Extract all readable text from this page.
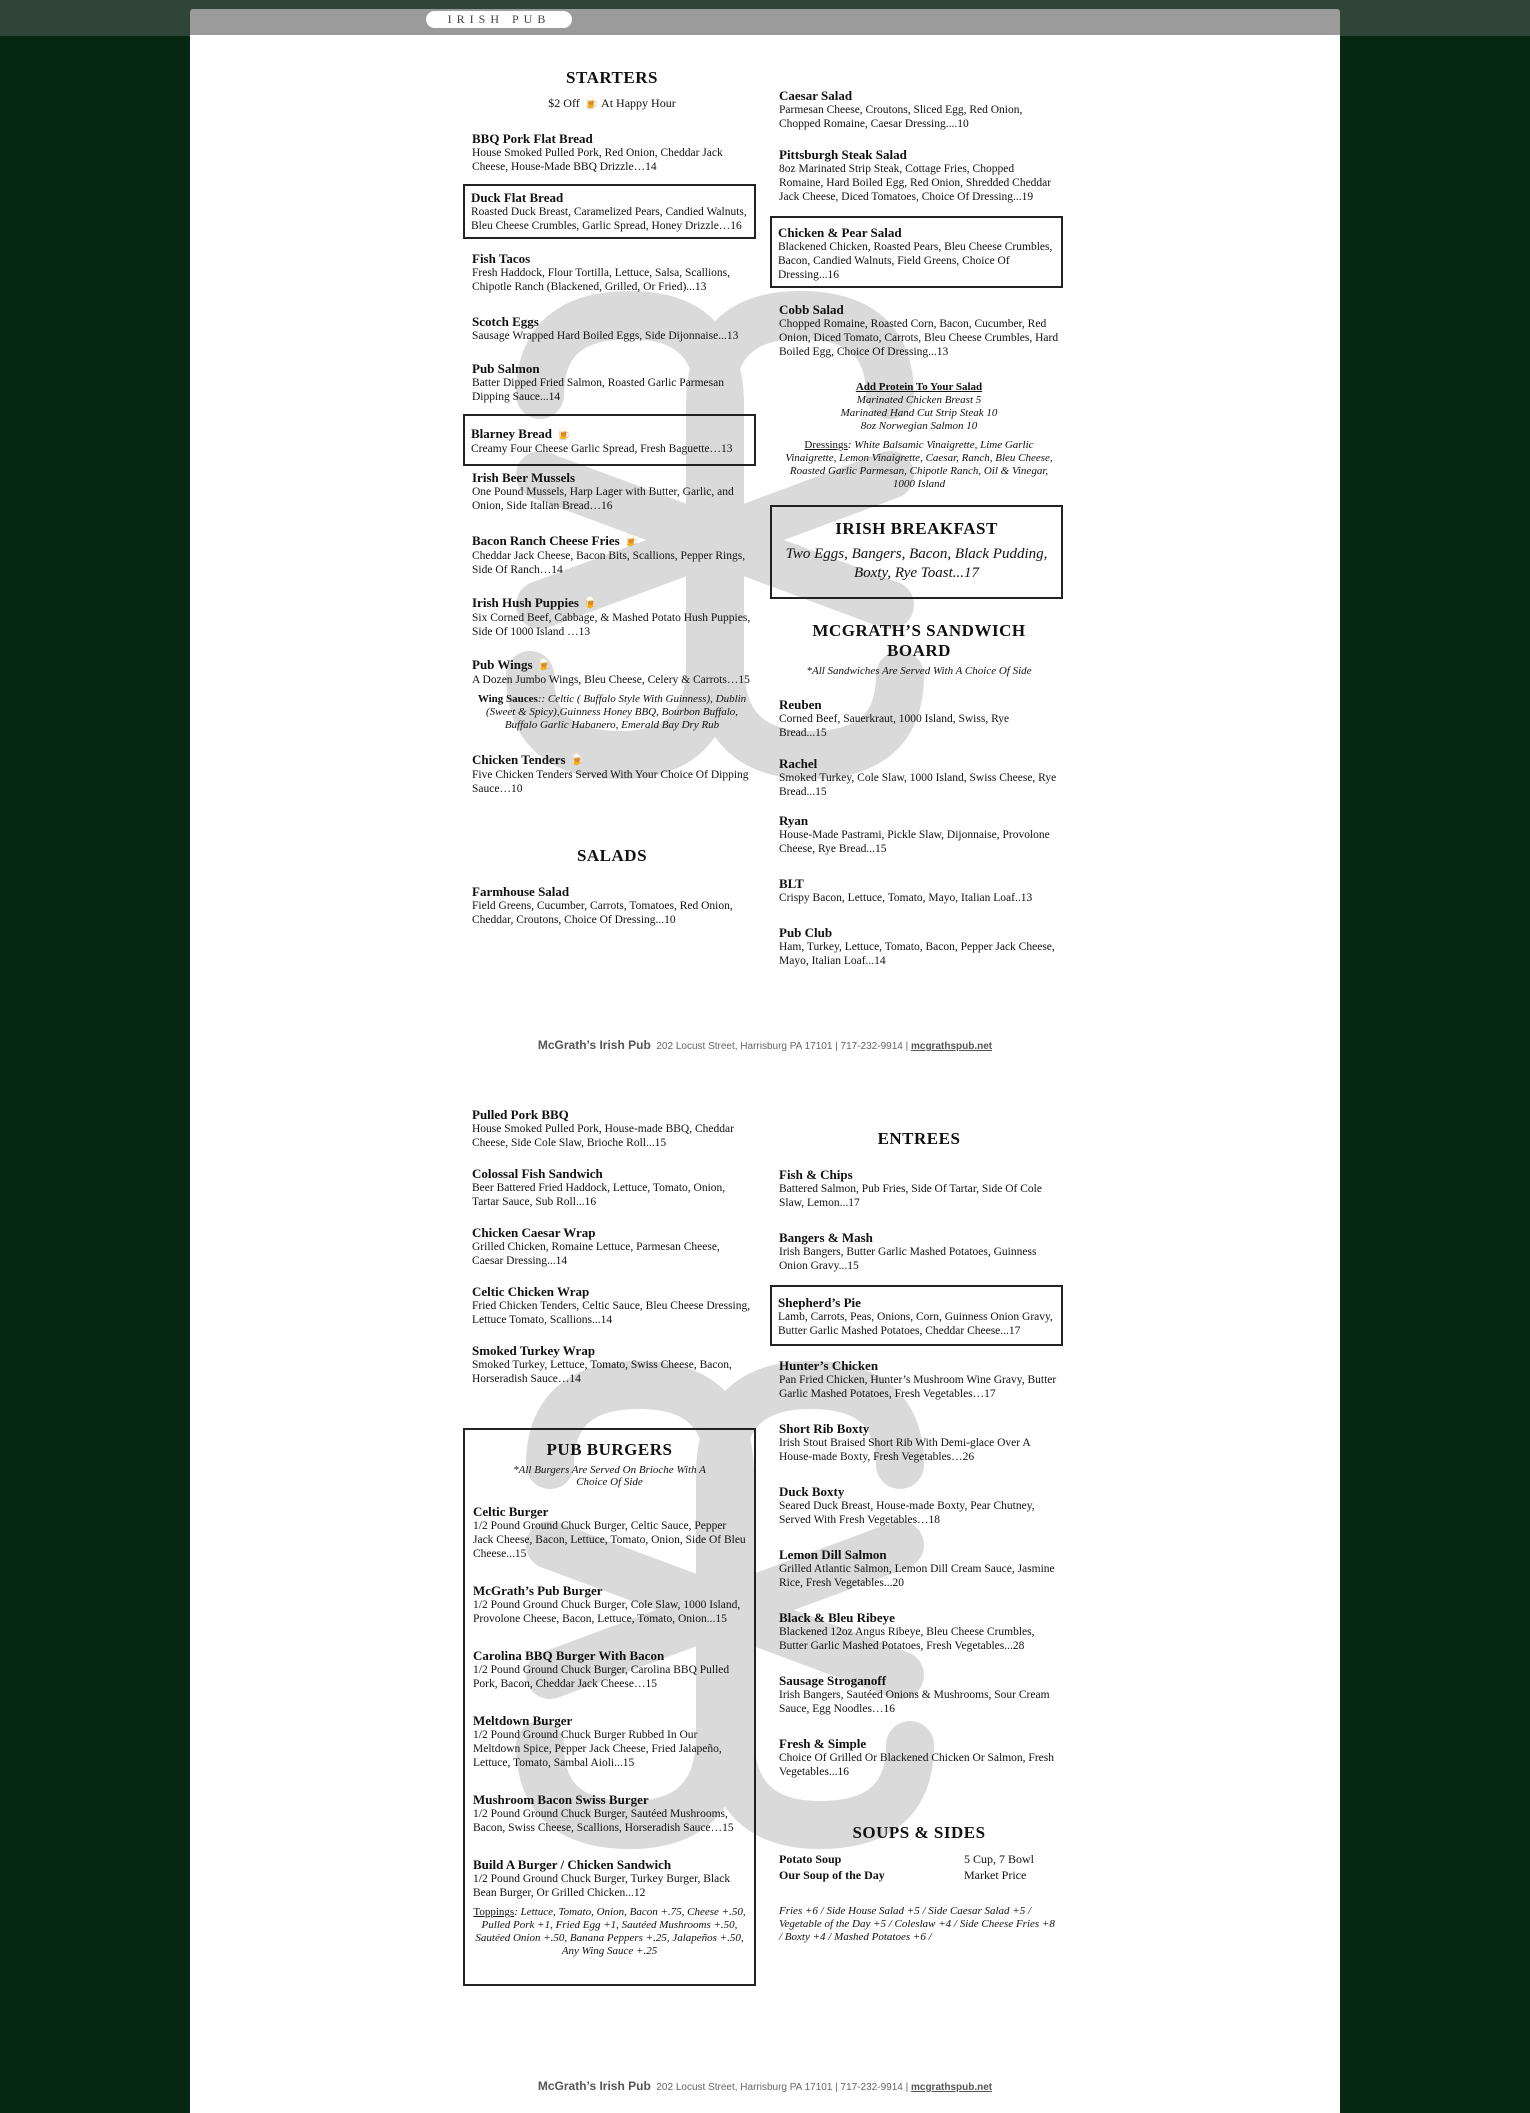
IRISH PUB
STARTERS
$2 Off 🍺 At Happy Hour
BBQ Pork Flat Bread
House Smoked Pulled Pork, Red Onion, Cheddar Jack Cheese, House-Made BBQ Drizzle…14
Duck Flat Bread
Roasted Duck Breast, Caramelized Pears, Candied Walnuts, Bleu Cheese Crumbles, Garlic Spread, Honey Drizzle…16
Fish Tacos
Fresh Haddock, Flour Tortilla, Lettuce, Salsa, Scallions, Chipotle Ranch (Blackened, Grilled, Or Fried)...13
Scotch Eggs
Sausage Wrapped Hard Boiled Eggs, Side Dijonnaise...13
Pub Salmon
Batter Dipped Fried Salmon, Roasted Garlic Parmesan Dipping Sauce...14
Blarney Bread 🍺
Creamy Four Cheese Garlic Spread, Fresh Baguette…13
Irish Beer Mussels
One Pound Mussels, Harp Lager with Butter, Garlic, and Onion, Side Italian Bread…16
Bacon Ranch Cheese Fries 🍺
Cheddar Jack Cheese, Bacon Bits, Scallions, Pepper Rings, Side Of Ranch…14
Irish Hush Puppies 🍺
Six Corned Beef, Cabbage, & Mashed Potato Hush Puppies, Side Of 1000 Island …13
Pub Wings 🍺
A Dozen Jumbo Wings, Bleu Cheese, Celery & Carrots…15
Wing Sauces:: Celtic ( Buffalo Style With Guinness), Dublin (Sweet & Spicy),Guinness Honey BBQ, Bourbon Buffalo, Buffalo Garlic Habanero, Emerald Bay Dry Rub
Chicken Tenders 🍺
Five Chicken Tenders Served With Your Choice Of Dipping Sauce…10
SALADS
Farmhouse Salad
Field Greens, Cucumber, Carrots, Tomatoes, Red Onion, Cheddar, Croutons, Choice Of Dressing...10
Caesar Salad
Parmesan Cheese, Croutons, Sliced Egg, Red Onion, Chopped Romaine, Caesar Dressing....10
Pittsburgh Steak Salad
8oz Marinated Strip Steak, Cottage Fries, Chopped Romaine, Hard Boiled Egg, Red Onion, Shredded Cheddar Jack Cheese, Diced Tomatoes, Choice Of Dressing...19
Chicken & Pear Salad
Blackened Chicken, Roasted Pears, Bleu Cheese Crumbles, Bacon, Candied Walnuts, Field Greens, Choice Of Dressing...16
Cobb Salad
Chopped Romaine, Roasted Corn, Bacon, Cucumber, Red Onion, Diced Tomato, Carrots, Bleu Cheese Crumbles, Hard Boiled Egg, Choice Of Dressing...13
Add Protein To Your Salad
Marinated Chicken Breast 5
Marinated Hand Cut Strip Steak 10
8oz Norwegian Salmon 10
Dressings: White Balsamic Vinaigrette, Lime Garlic Vinaigrette, Lemon Vinaigrette, Caesar, Ranch, Bleu Cheese, Roasted Garlic Parmesan, Chipotle Ranch, Oil & Vinegar, 1000 Island
IRISH BREAKFAST
Two Eggs, Bangers, Bacon, Black Pudding, Boxty, Rye Toast...17
MCGRATH’S SANDWICH BOARD
*All Sandwiches Are Served With A Choice Of Side
Reuben
Corned Beef, Sauerkraut, 1000 Island, Swiss, Rye Bread...15
Rachel
Smoked Turkey, Cole Slaw, 1000 Island, Swiss Cheese, Rye Bread...15
Ryan
House-Made Pastrami, Pickle Slaw, Dijonnaise, Provolone Cheese, Rye Bread...15
BLT
Crispy Bacon, Lettuce, Tomato, Mayo, Italian Loaf..13
Pub Club
Ham, Turkey, Lettuce, Tomato, Bacon, Pepper Jack Cheese, Mayo, Italian Loaf...14
McGrath’s Irish Pub 202 Locust Street, Harrisburg PA 17101 | 717-232-9914 | mcgrathspub.net
Pulled Pork BBQ
House Smoked Pulled Pork, House-made BBQ, Cheddar Cheese, Side Cole Slaw, Brioche Roll...15
Colossal Fish Sandwich
Beer Battered Fried Haddock, Lettuce, Tomato, Onion, Tartar Sauce, Sub Roll...16
Chicken Caesar Wrap
Grilled Chicken, Romaine Lettuce, Parmesan Cheese, Caesar Dressing...14
Celtic Chicken Wrap
Fried Chicken Tenders, Celtic Sauce, Bleu Cheese Dressing, Lettuce Tomato, Scallions...14
Smoked Turkey Wrap
Smoked Turkey, Lettuce, Tomato, Swiss Cheese, Bacon, Horseradish Sauce…14
PUB BURGERS
*All Burgers Are Served On Brioche With A Choice Of Side
Celtic Burger
1/2 Pound Ground Chuck Burger, Celtic Sauce, Pepper Jack Cheese, Bacon, Lettuce, Tomato, Onion, Side Of Bleu Cheese...15
McGrath’s Pub Burger
1/2 Pound Ground Chuck Burger, Cole Slaw, 1000 Island, Provolone Cheese, Bacon, Lettuce, Tomato, Onion...15
Carolina BBQ Burger With Bacon
1/2 Pound Ground Chuck Burger, Carolina BBQ Pulled Pork, Bacon, Cheddar Jack Cheese…15
Meltdown Burger
1/2 Pound Ground Chuck Burger Rubbed In Our Meltdown Spice, Pepper Jack Cheese, Fried Jalapeño, Lettuce, Tomato, Sambal Aioli...15
Mushroom Bacon Swiss Burger
1/2 Pound Ground Chuck Burger, Sautéed Mushrooms, Bacon, Swiss Cheese, Scallions, Horseradish Sauce…15
Build A Burger / Chicken Sandwich
1/2 Pound Ground Chuck Burger, Turkey Burger, Black Bean Burger, Or Grilled Chicken...12
Toppings: Lettuce, Tomato, Onion, Bacon +.75, Cheese +.50, Pulled Pork +1, Fried Egg +1, Sautéed Mushrooms +.50, Sautéed Onion +.50, Banana Peppers +.25, Jalapeños +.50, Any Wing Sauce +.25
ENTREES
Fish & Chips
Battered Salmon, Pub Fries, Side Of Tartar, Side Of Cole Slaw, Lemon...17
Bangers & Mash
Irish Bangers, Butter Garlic Mashed Potatoes, Guinness Onion Gravy...15
Shepherd’s Pie
Lamb, Carrots, Peas, Onions, Corn, Guinness Onion Gravy, Butter Garlic Mashed Potatoes, Cheddar Cheese...17
Hunter’s Chicken
Pan Fried Chicken, Hunter’s Mushroom Wine Gravy, Butter Garlic Mashed Potatoes, Fresh Vegetables…17
Short Rib Boxty
Irish Stout Braised Short Rib With Demi-glace Over A House-made Boxty, Fresh Vegetables…26
Duck Boxty
Seared Duck Breast, House-made Boxty, Pear Chutney, Served With Fresh Vegetables…18
Lemon Dill Salmon
Grilled Atlantic Salmon, Lemon Dill Cream Sauce, Jasmine Rice, Fresh Vegetables...20
Black & Bleu Ribeye
Blackened 12oz Angus Ribeye, Bleu Cheese Crumbles, Butter Garlic Mashed Potatoes, Fresh Vegetables...28
Sausage Stroganoff
Irish Bangers, Sautéed Onions & Mushrooms, Sour Cream Sauce, Egg Noodles…16
Fresh & Simple
Choice Of Grilled Or Blackened Chicken Or Salmon, Fresh Vegetables...16
SOUPS & SIDES
Potato Soup	5 Cup, 7 Bowl
Our Soup of the Day	Market Price
Fries +6 / Side House Salad +5 / Side Caesar Salad +5 / Vegetable of the Day +5 / Coleslaw +4 / Side Cheese Fries +8 / Boxty +4 / Mashed Potatoes +6 /
McGrath’s Irish Pub 202 Locust Street, Harrisburg PA 17101 | 717-232-9914 | mcgrathspub.net
